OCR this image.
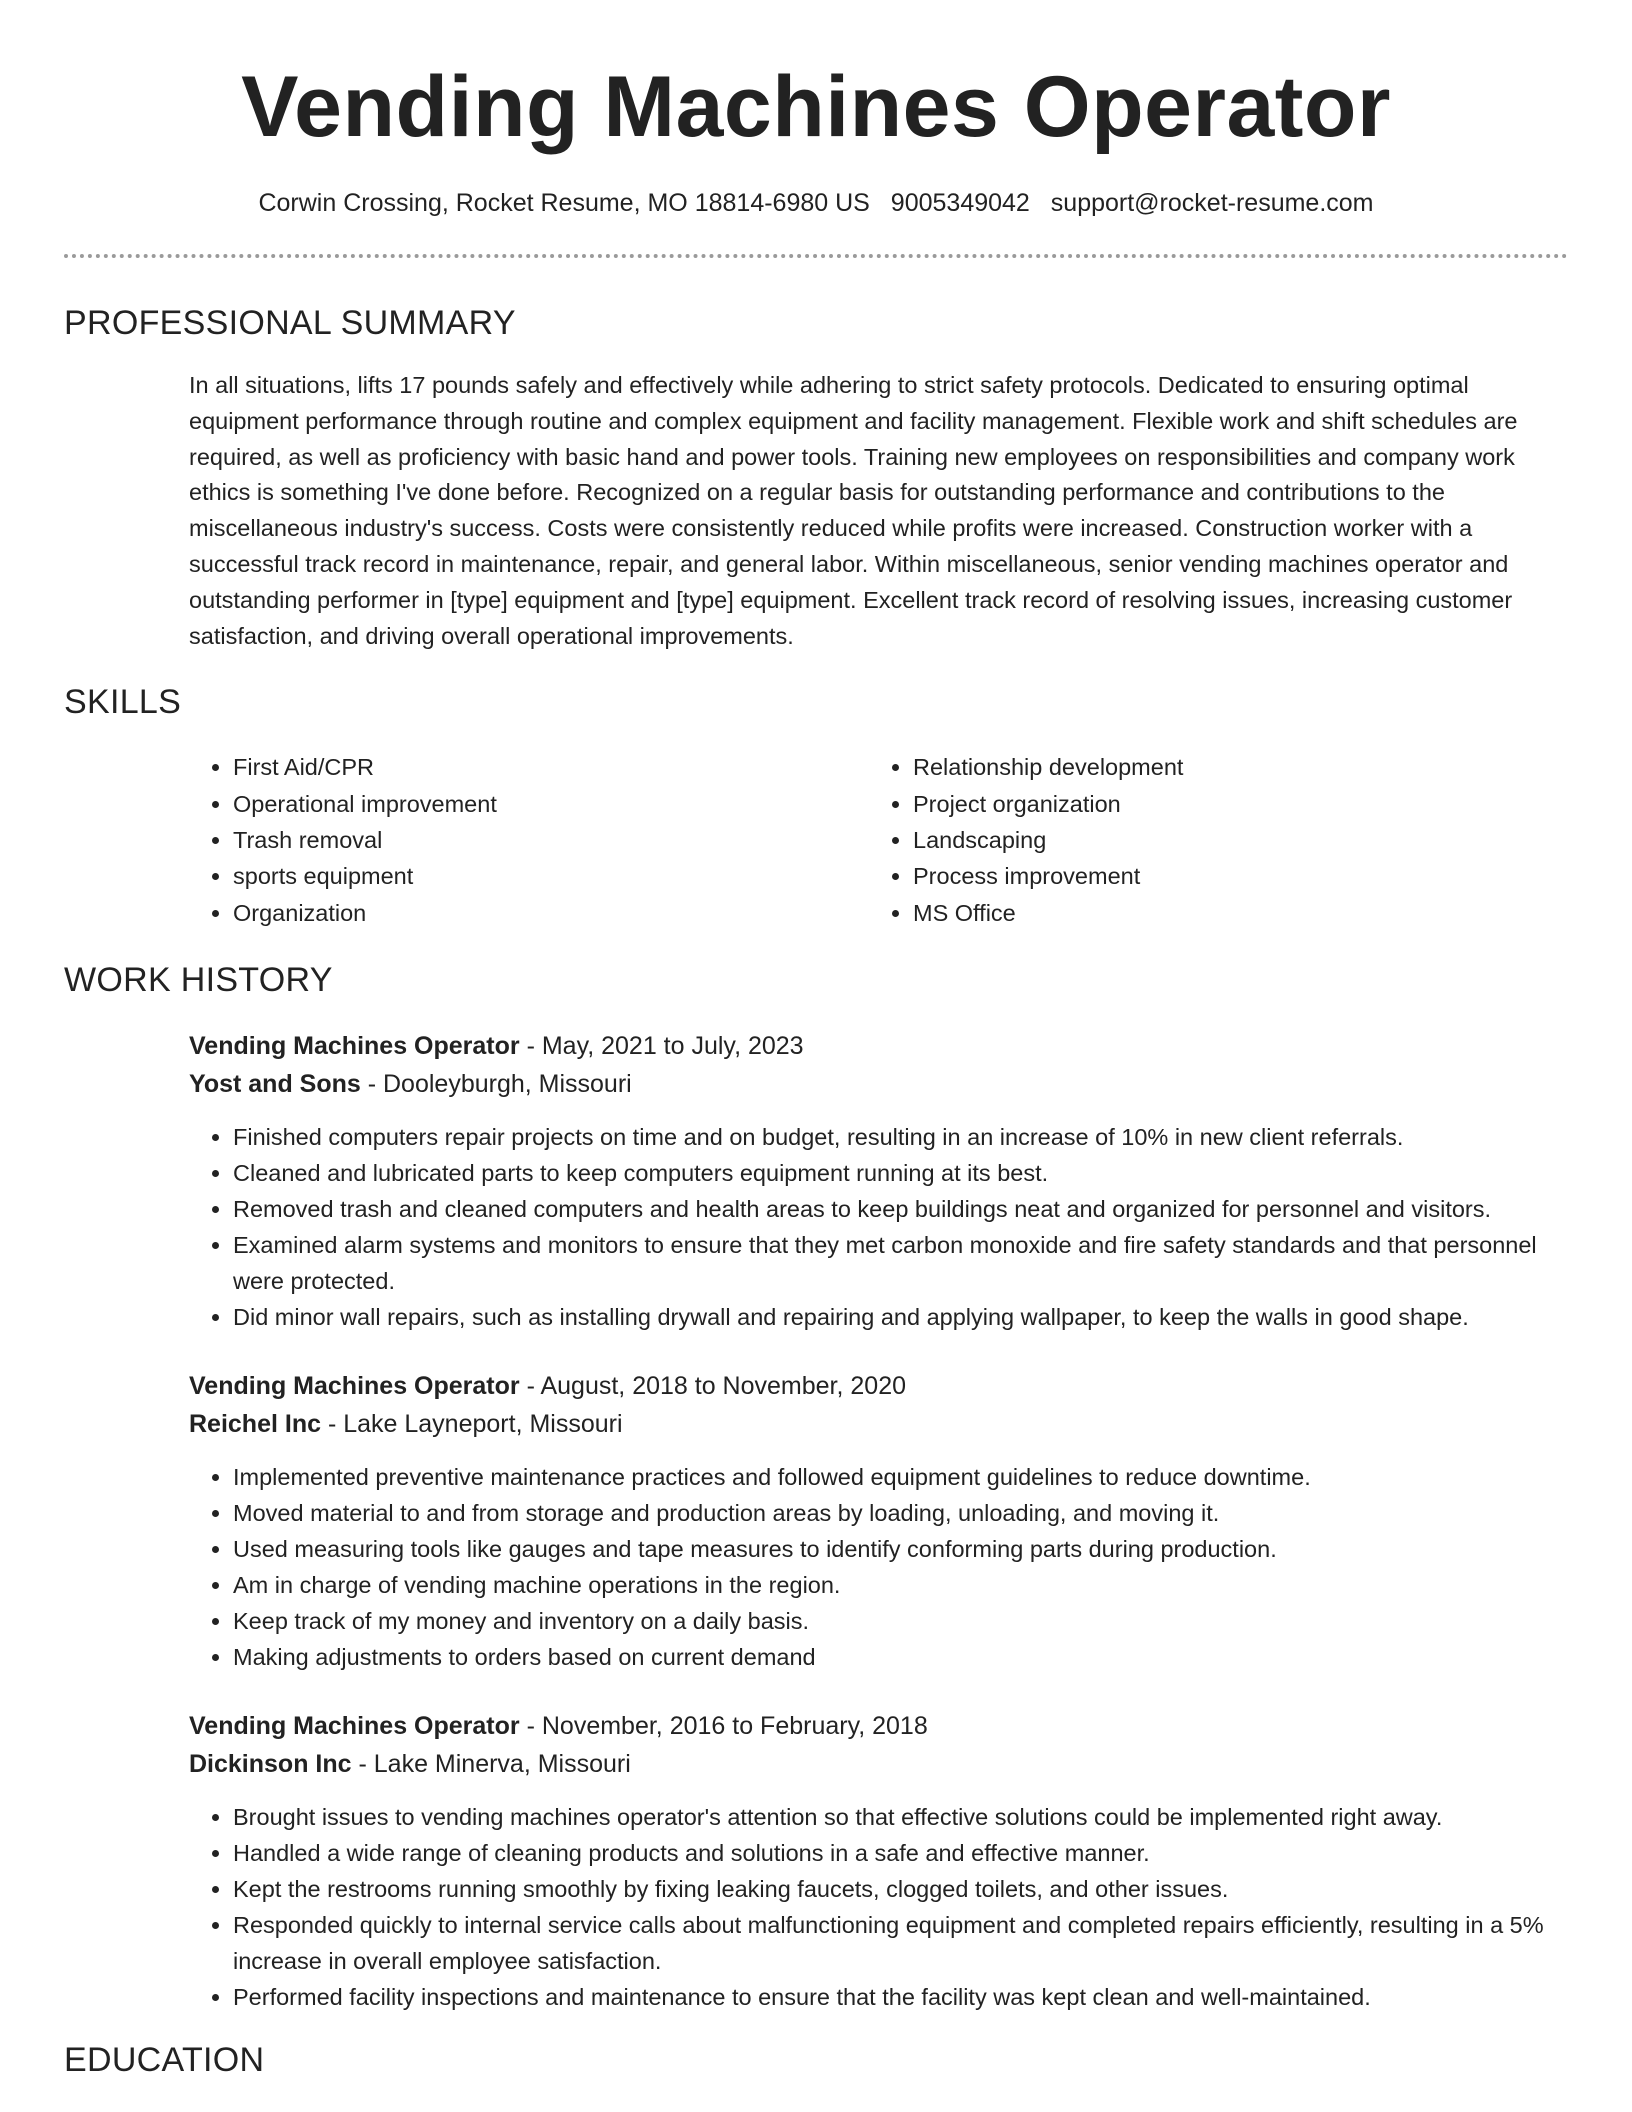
Vending Machines Operator
Corwin Crossing, Rocket Resume, MO 18814-6980 US 9005349042 support@rocket-resume.com
PROFESSIONAL SUMMARY

In all situations, lifts 17 pounds safely and effectively while adhering to strict safety protocols. Dedicated to ensuring optimal equipment performance through routine and complex equipment and facility management. Flexible work and shift schedules are required, as well as proficiency with basic hand and power tools. Training new employees on responsibilities and company work ethics is something I've done before. Recognized on a regular basis for outstanding performance and contributions to the miscellaneous industry's success. Costs were consistently reduced while profits were increased. Construction worker with a successful track record in maintenance, repair, and general labor. Within miscellaneous, senior vending machines operator and outstanding performer in [type] equipment and [type] equipment. Excellent track record of resolving issues, increasing customer satisfaction, and driving overall operational improvements.

SKILLS
• First Aid/CPR
• Operational improvement
• Trash removal
• sports equipment
• Organization
• Relationship development
• Project organization
• Landscaping
• Process improvement
• MS Office
WORK HISTORY
Vending Machines Operator - May, 2021 to July, 2023
Yost and Sons - Dooleyburgh, Missouri
• Finished computers repair projects on time and on budget, resulting in an increase of 10% in new client referrals.
• Cleaned and lubricated parts to keep computers equipment running at its best.
• Removed trash and cleaned computers and health areas to keep buildings neat and organized for personnel and visitors.
• Examined alarm systems and monitors to ensure that they met carbon monoxide and fire safety standards and that personnel were protected.
• Did minor wall repairs, such as installing drywall and repairing and applying wallpaper, to keep the walls in good shape.
Vending Machines Operator - August, 2018 to November, 2020
Reichel Inc - Lake Layneport, Missouri
• Implemented preventive maintenance practices and followed equipment guidelines to reduce downtime.
• Moved material to and from storage and production areas by loading, unloading, and moving it.
• Used measuring tools like gauges and tape measures to identify conforming parts during production.
• Am in charge of vending machine operations in the region.
• Keep track of my money and inventory on a daily basis.
• Making adjustments to orders based on current demand
Vending Machines Operator - November, 2016 to February, 2018
Dickinson Inc - Lake Minerva, Missouri
• Brought issues to vending machines operator's attention so that effective solutions could be implemented right away.
• Handled a wide range of cleaning products and solutions in a safe and effective manner.
• Kept the restrooms running smoothly by fixing leaking faucets, clogged toilets, and other issues.
• Responded quickly to internal service calls about malfunctioning equipment and completed repairs efficiently, resulting in a 5% increase in overall employee satisfaction.
• Performed facility inspections and maintenance to ensure that the facility was kept clean and well-maintained.
EDUCATION
